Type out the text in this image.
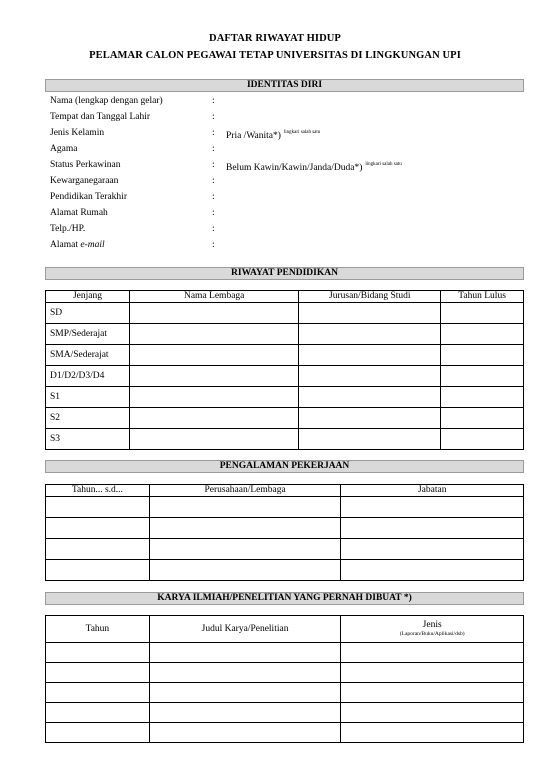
DAFTAR RIWAYAT HIDUP
PELAMAR CALON PEGAWAI TETAP UNIVERSITAS DI LINGKUNGAN UPI
IDENTITAS DIRI
Nama (lengkap dengan gelar)	:
Tempat dan Tanggal Lahir	:
Jenis Kelamin	: Pria /Wanita*) $^{lingkari salah satu}$
Agama	:
Status Perkawinan	: Belum Kawin/Kawin/Janda/Duda*) $^{lingkari salah satu}$
Kewarganegaraan	:
Pendidikan Terakhir	:
Alamat Rumah	:
Telp./HP.	:
Alamat e-mail	:
RIWAYAT PENDIDIKAN
Jenjang	Nama Lembaga	Jurusan/Bidang Studi	Tahun Lulus
SD			
SMP/Sederajat			
SMA/Sederajat			
D1/D2/D3/D4			
S1			
S2			
S3			
PENGALAMAN PEKERJAAN
Tahun... s.d...	Perusahaan/Lembaga	Jabatan

KARYA ILMIAH/PENELITIAN YANG PERNAH DIBUAT *)
Tahun	Judul Karya/Penelitian	Jenis
(Laporan/Buku/Aplikasi/dsb)
